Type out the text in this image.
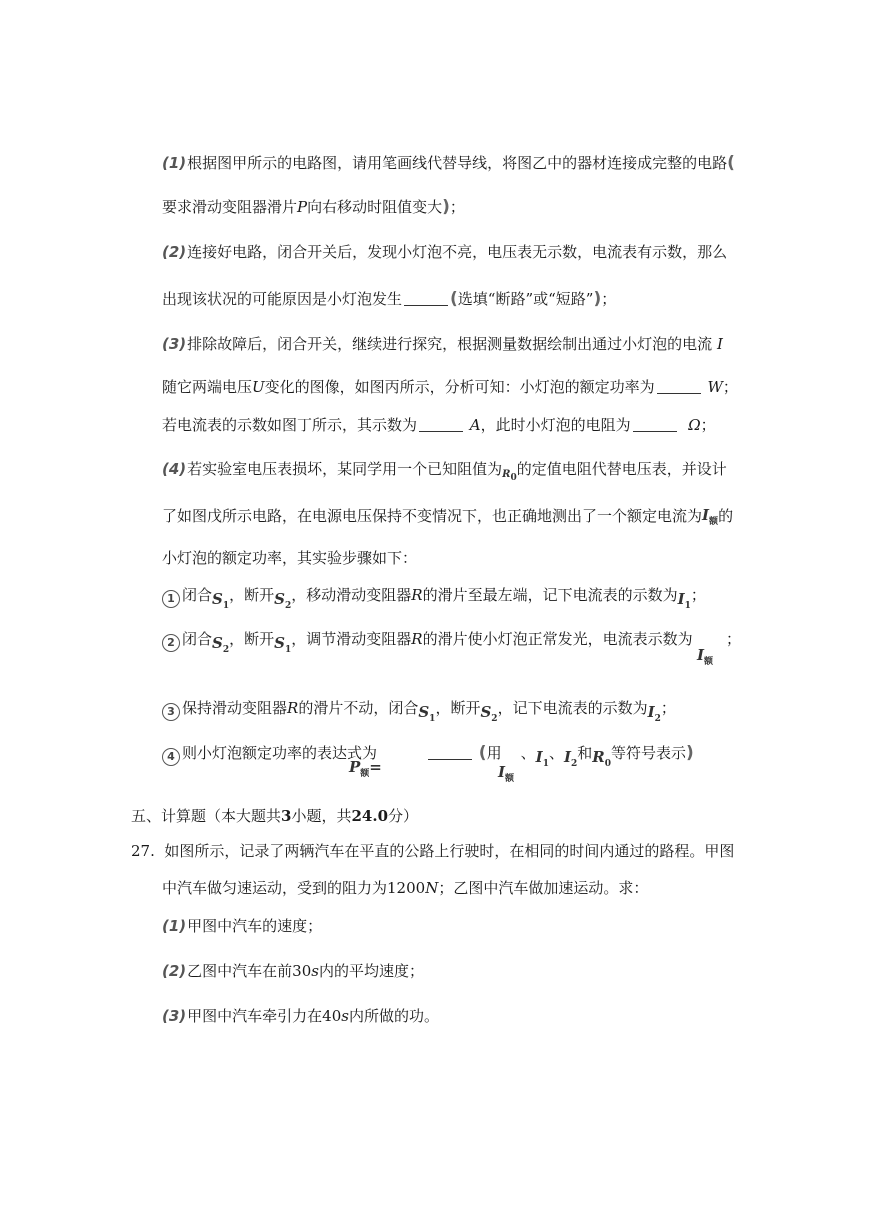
(1)根据图甲所示的电路图，请用笔画线代替导线，将图乙中的器材连接成完整的电路(
要求滑动变阻器滑片P向右移动时阻值变大)；
(2)连接好电路，闭合开关后，发现小灯泡不亮，电压表无示数，电流表有示数，那么
出现该状况的可能原因是小灯泡发生	(选填“断路”或“短路”)；
(3)排除故障后，闭合开关，继续进行探究，根据测量数据绘制出通过小灯泡的电流 I
随它两端电压U变化的图像，如图丙所示，分析可知：小灯泡的额定功率为	W；
若电流表的示数如图丁所示，其示数为	A，此时小灯泡的电阻为	Ω；
(4)若实验室电压表损坏，某同学用一个已知阻值为$_{R_0}$的定值电阻代替电压表，并设计
了如图戊所示电路，在电源电压保持不变情况下，也正确地测出了一个额定电流为$I_额$的
小灯泡的额定功率，其实验步骤如下：
1 闭合$S_1$，断开$S_2$，移动滑动变阻器R的滑片至最左端，记下电流表的示数为$I_1$；
2 闭合$S_2$，断开$S_1$，调节滑动变阻器R的滑片使小灯泡正常发光，电流表示数为 ；
$I_额$
3 保持滑动变阻器R的滑片不动，闭合$S_1$，断开$S_2$，记下电流表的示数为$I_2$；
4 则小灯泡额定功率的表达式为
$P_额=$
(用 、$I_1$、$I_2$和$R_0$等符号表示)
$I_额$
五、计算题（本大题共3小题，共24.0分）
27. 如图所示，记录了两辆汽车在平直的公路上行驶时，在相同的时间内通过的路程。甲图
中汽车做匀速运动，受到的阻力为1200N；乙图中汽车做加速运动。求：
(1)甲图中汽车的速度；
(2)乙图中汽车在前30s内的平均速度；
(3)甲图中汽车牵引力在40s内所做的功。
